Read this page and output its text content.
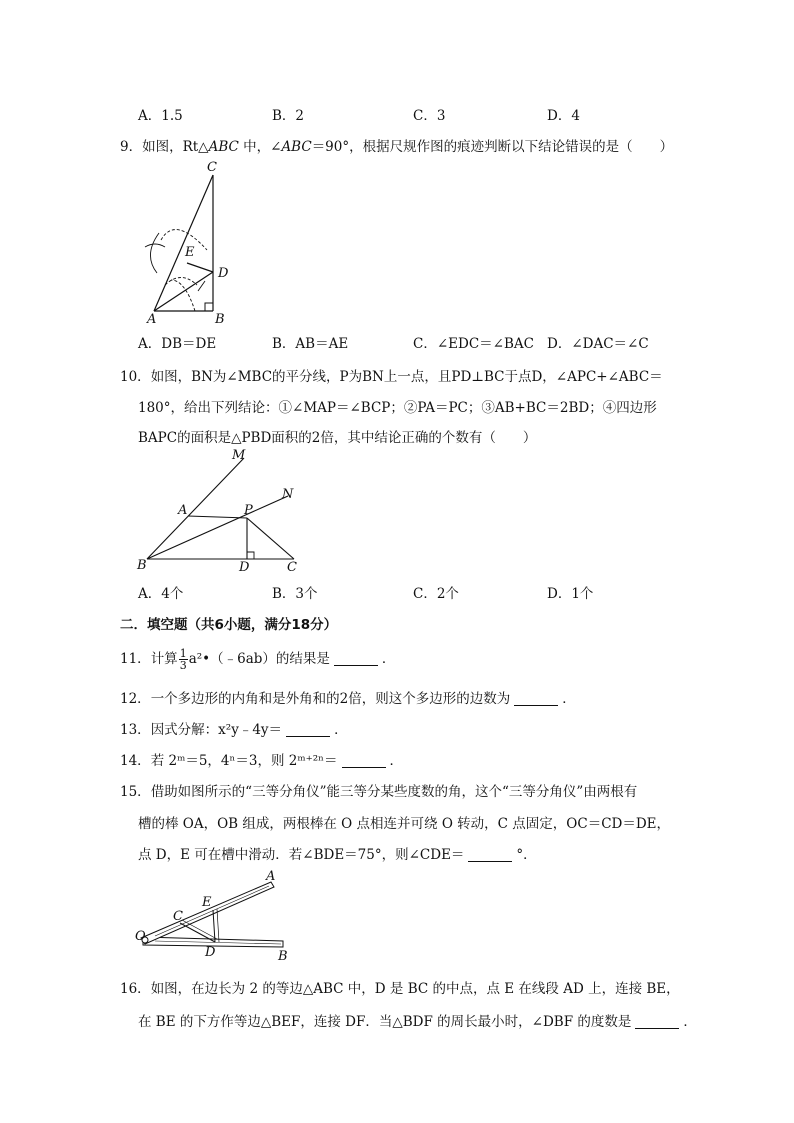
A．1.5	B．2	C．3	D．4
9．如图，Rt△ABC 中，∠ABC＝90°，根据尺规作图的痕迹判断以下结论错误的是（　　）
C
E
D
A	B
A．DB＝DE	B．AB＝AE	C．∠EDC＝∠BAC D．∠DAC＝∠C
10．如图，BN为∠MBC的平分线，P为BN上一点，且PD⊥BC于点D，∠APC+∠ABC＝
180°，给出下列结论：①∠MAP＝∠BCP；②PA＝PC；③AB+BC＝2BD；④四边形
BAPC的面积是△PBD面积的2倍，其中结论正确的个数有（　　）
M
N
A	P
B	D	C
A．4个	B．3个	C．2个	D．1个
二．填空题（共6小题，满分18分）
11．计算 $\frac{1}{3}$ a²•（﹣6ab）的结果是	．
12．一个多边形的内角和是外角和的2倍，则这个多边形的边数为	．
13．因式分解：x²y﹣4y＝	．
14．若 2ᵐ＝5，4ⁿ＝3，则 2ᵐ⁺²ⁿ＝	．
15．借助如图所示的“三等分角仪”能三等分某些度数的角，这个“三等分角仪”由两根有
槽的棒 OA，OB 组成，两根棒在 O 点相连并可绕 O 转动，C 点固定，OC＝CD＝DE，
点 D，E 可在槽中滑动．若∠BDE＝75°，则∠CDE＝	°．
O
C
E
A
D	B
16．如图，在边长为 2 的等边△ABC 中，D 是 BC 的中点，点 E 在线段 AD 上，连接 BE，
在 BE 的下方作等边△BEF，连接 DF．当△BDF 的周长最小时，∠DBF 的度数是	．
